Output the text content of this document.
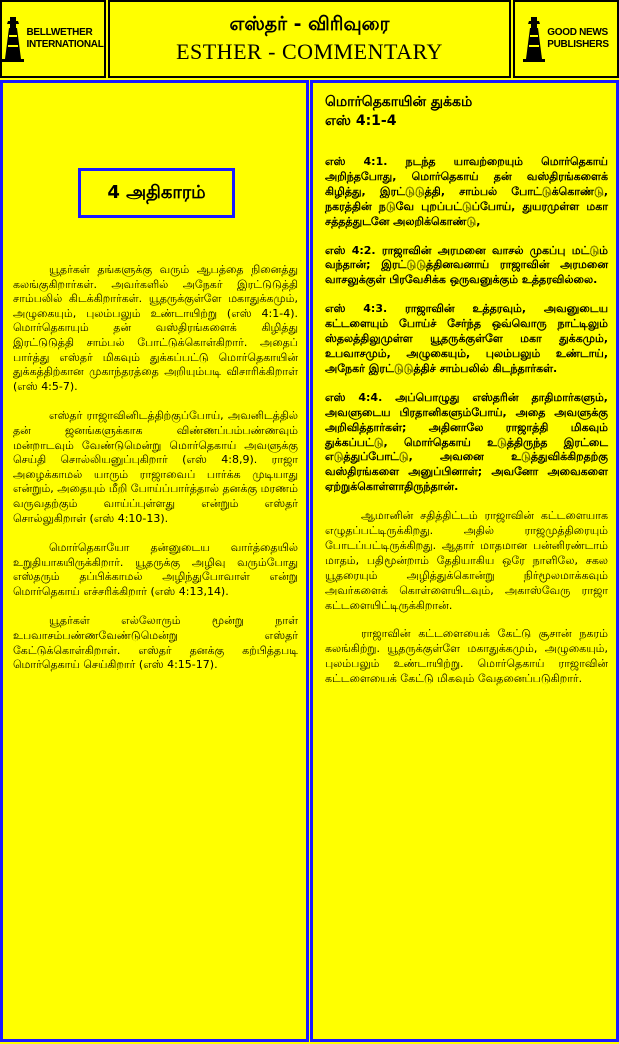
BELLWETHER
INTERNATIONAL
எஸ்தர் - விரிவுரை
ESTHER - COMMENTARY
GOOD NEWS
PUBLISHERS
4 அதிகாரம்

யூதர்கள் தங்களுக்கு வரும் ஆபத்தை நினைத்து கலங்குகிறார்கள். அவர்களில் அநேகர் இரட்டுடுத்தி சாம்பலில் கிடக்கிறார்கள். யூதருக்குள்ளே மகாதுக்கமும், அழுகையும், புலம்பலும் உண்டாயிற்று (எஸ் 4:1-4). மொர்தெகாயும் தன் வஸ்திரங்களைக் கிழித்து இரட்டுடுத்தி சாம்பல் போட்டுக்கொள்கிறார். அதைப் பார்த்து எஸ்தர் மிகவும் துக்கப்பட்டு மொர்தெகாயின் துக்கத்திற்கான முகாந்தரத்தை அறியும்படி விசாரிக்கிறாள் (எஸ் 4:5-7).

எஸ்தர் ராஜாவினிடத்திற்குப்போய், அவனிடத்தில் தன் ஜனங்களுக்காக விண்ணப்பம்பண்ணவும் மன்றாடவும் வேண்டுமென்று மொர்தெகாய் அவளுக்கு செய்தி சொல்லியனுப்புகிறார் (எஸ் 4:8,9). ராஜா அழைக்காமல் யாரும் ராஜாவைப் பார்க்க முடியாது என்றும், அதையும் மீறி போய்ப்பார்த்தால் தனக்கு மரணம் வருவதற்கும் வாய்ப்புள்ளது என்றும் எஸ்தர் சொல்லுகிறாள் (எஸ் 4:10-13).

மொர்தெகாயோ தன்னுடைய வார்த்தையில் உறுதியாகயிருக்கிறார். யூதருக்கு அழிவு வரும்போது எஸ்தரும் தப்பிக்காமல் அழிந்துபோவாள் என்று மொர்தெகாய் எச்சரிக்கிறார் (எஸ் 4:13,14).

யூதர்கள் எல்லோரும் மூன்று நாள் உபவாசம்பண்ணவேண்டுமென்று எஸ்தர் கேட்டுக்கொள்கிறாள். எஸ்தர் தனக்கு கற்பித்தபடி மொர்தெகாய் செய்கிறார் (எஸ் 4:15-17).

மொர்தெகாயின் துக்கம்
எஸ் 4:1-4

எஸ் 4:1. நடந்த யாவற்றையும் மொர்தெகாய் அறிந்தபோது, மொர்தெகாய் தன் வஸ்திரங்களைக் கிழித்து, இரட்டுடுத்தி, சாம்பல் போட்டுக்கொண்டு, நகரத்தின் நடுவே புறப்பட்டுப்போய், துயரமுள்ள மகா சத்தத்துடனே அலறிக்கொண்டு,

எஸ் 4:2. ராஜாவின் அரமனை வாசல் முகப்பு மட்டும் வந்தான்; இரட்டுடுத்தினவனாய் ராஜாவின் அரமனை வாசலுக்குள் பிரவேசிக்க ஒருவனுக்கும் உத்தரவில்லை.

எஸ் 4:3. ராஜாவின் உத்தரவும், அவனுடைய கட்டளையும் போய்ச் சேர்ந்த ஒவ்வொரு நாட்டிலும் ஸ்தலத்திலுமுள்ள யூதருக்குள்ளே மகா துக்கமும், உபவாசமும், அழுகையும், புலம்பலும் உண்டாய், அநேகர் இரட்டுடுத்திச் சாம்பலில் கிடந்தார்கள்.

எஸ் 4:4. அப்பொழுது எஸ்தரின் தாதிமார்களும், அவளுடைய பிரதானிகளும்போய், அதை அவளுக்கு அறிவித்தார்கள்; அதினாலே ராஜாத்தி மிகவும் துக்கப்பட்டு, மொர்தெகாய் உடுத்திருந்த இரட்டை எடுத்துப்போட்டு, அவனை உடுத்துவிக்கிறதற்கு வஸ்திரங்களை அனுப்பினாள்; அவனோ அவைகளை ஏற்றுக்கொள்ளாதிருந்தான்.

ஆமானின் சதித்திட்டம் ராஜாவின் கட்டளையாக எழுதப்பட்டிருக்கிறது. அதில் ராஜமுத்திரையும் போடப்பட்டிருக்கிறது. ஆதார் மாதமான பன்னிரண்டாம் மாதம், பதிமூன்றாம் தேதியாகிய ஒரே நாளிலே, சகல யூதரையும் அழித்துக்கொன்று நிர்மூலமாக்கவும் அவர்களைக் கொள்ளையிடவும், அகாஸ்வேரு ராஜா கட்டளையிட்டிருக்கிறான்.

ராஜாவின் கட்டளையைக் கேட்டு சூசான் நகரம் கலங்கிற்று. யூதருக்குள்ளே மகாதுக்கமும், அழுகையும், புலம்பலும் உண்டாயிற்று. மொர்தெகாய் ராஜாவின் கட்டளையைக் கேட்டு மிகவும் வேதனைப்படுகிறார்.
